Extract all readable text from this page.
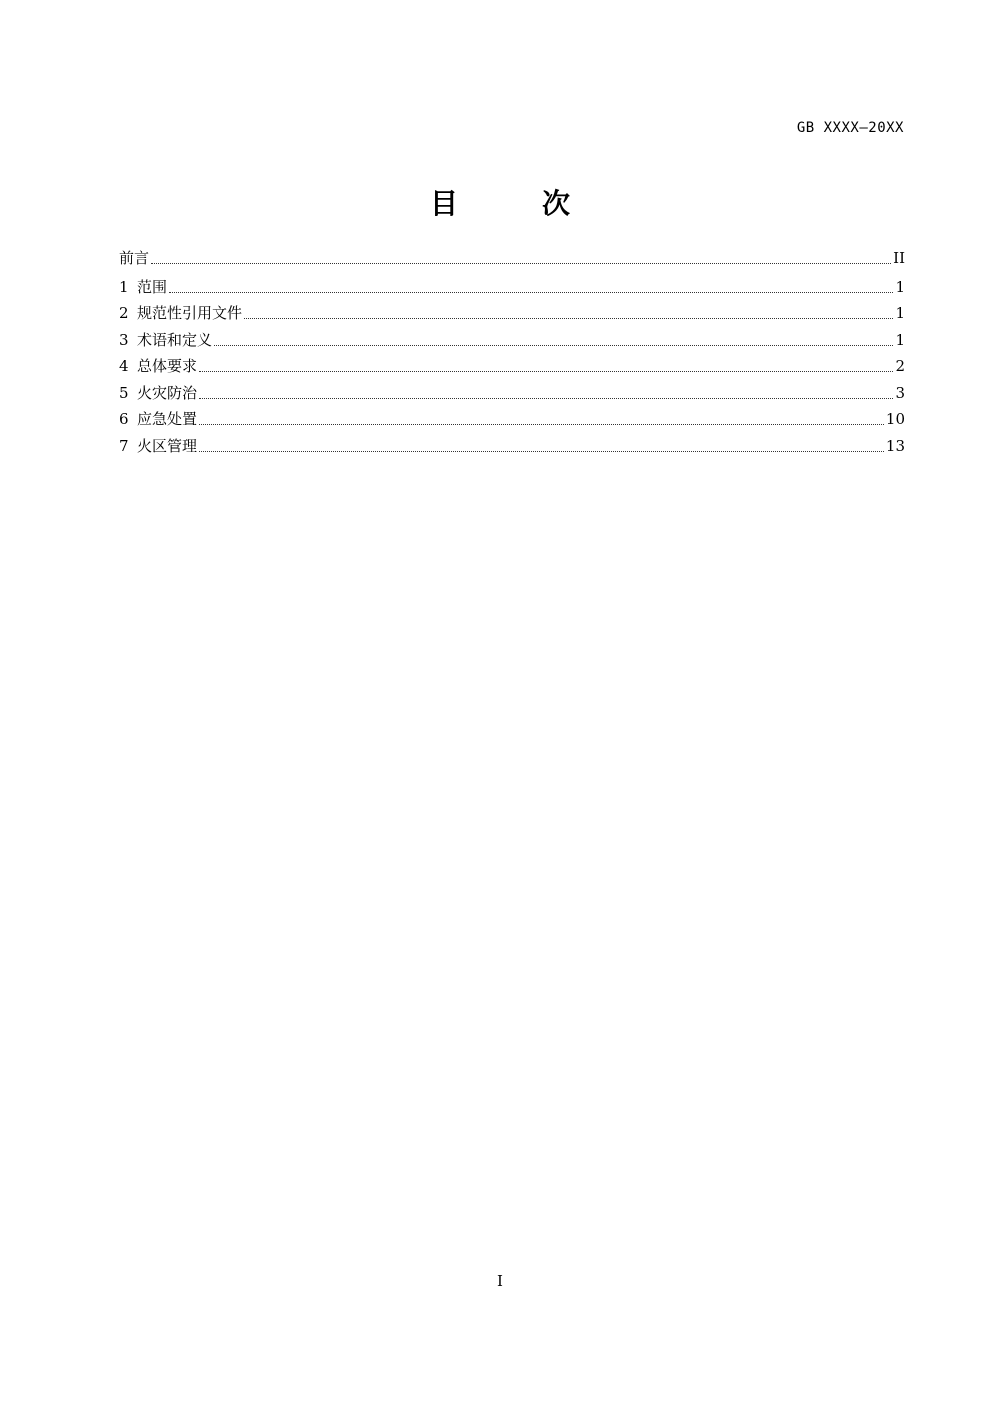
GB XXXX—20XX
目　次
前言	II
1 范围	1
2 规范性引用文件	1
3 术语和定义	1
4 总体要求	2
5 火灾防治	3
6 应急处置	10
7 火区管理	13
I
